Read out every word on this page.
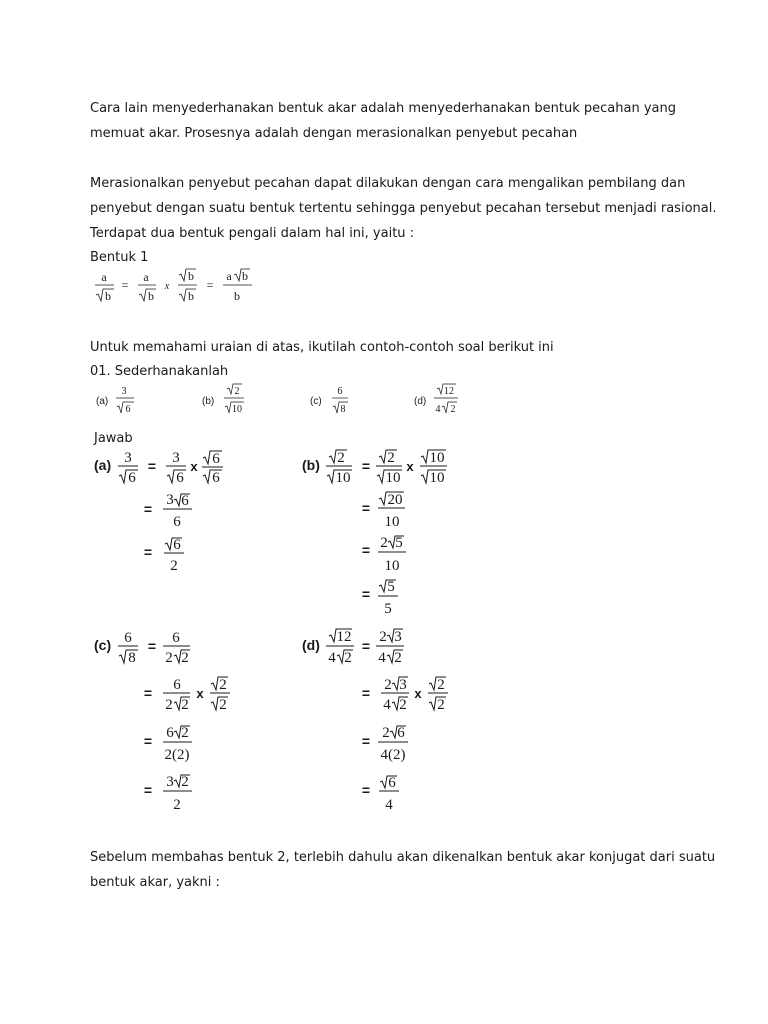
Cara lain menyederhanakan bentuk akar adalah menyederhanakan bentuk pecahan yang
memuat akar. Prosesnya adalah dengan merasionalkan penyebut pecahan

Merasionalkan penyebut pecahan dapat dilakukan dengan cara mengalikan pembilang dan
penyebut dengan suatu bentuk tertentu sehingga penyebut pecahan tersebut menjadi rasional.
Terdapat dua bentuk pengali dalam hal ini, yaitu :

Bentuk 1

a
b
=
a
b
x
b
b
=
a b
b

Untuk memahami uraian di atas, ikutilah contoh-contoh soal berikut ini

01. Sederhanakanlah

(a)
3
6
(b)
2
10
(c)
6
8
(d)
12
4 2

Jawab

(a) 3
6
= 3
6
x 6
6
=
3 6
6
= 6
2
(b) 2
10
= 2
10
x
10
10
= 20
10
= 2 5
10
= 5
5
(c) 6
8
= 6
2 2
= 6
2 2
x
2
2
= 6 2
2(2)
= 3 2
2
(d) 12
4 2
=
2 3
4 2
= 2 3
4 2
x
2
2
= 2 6
4(2)
= 6
4

Sebelum membahas bentuk 2, terlebih dahulu akan dikenalkan bentuk akar konjugat dari suatu
bentuk akar, yakni :
